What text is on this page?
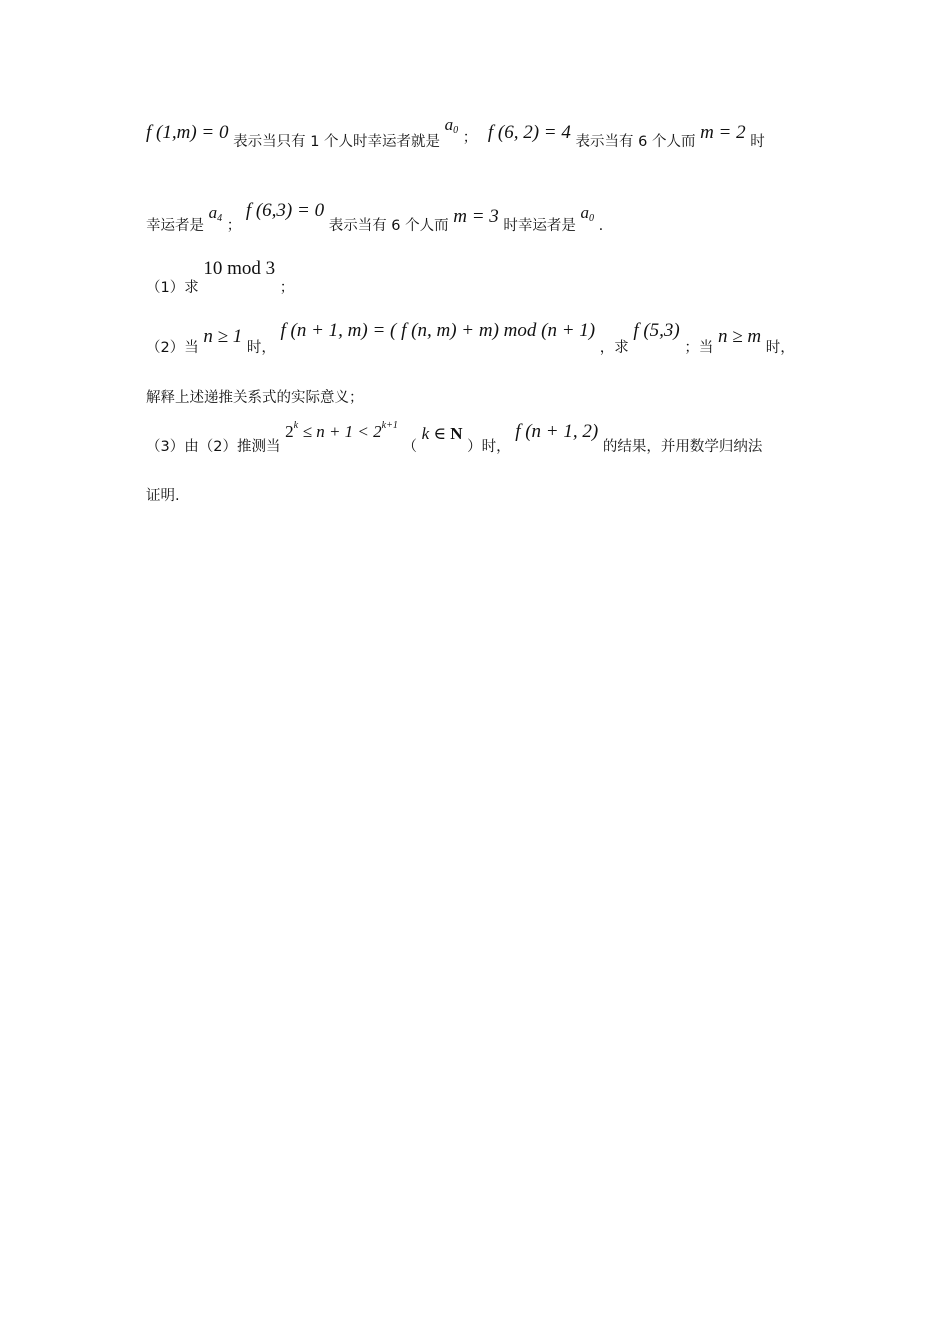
f (1,m) = 0 表示当只有 1 个人时幸运者就是 $a_0$ ； f (6, 2) = 4 表示当有 6 个人而 m = 2 时
幸运者是 $a_4$ ； f (6,3) = 0 表示当有 6 个人而 m = 3 时幸运者是 $a_0$ .
（1）求 10 mod 3 ；
（2）当 n ≥ 1 时， f (n + 1, m) = ( f (n, m) + m) mod (n + 1) ，求 f (5,3) ；当 n ≥ m 时，
解释上述递推关系式的实际意义；
（3）由（2）推测当 $2^k \le n + 1 < 2^{k+1}$ （ k ∈ N ）时， f (n + 1, 2) 的结果，并用数学归纳法
证明.
